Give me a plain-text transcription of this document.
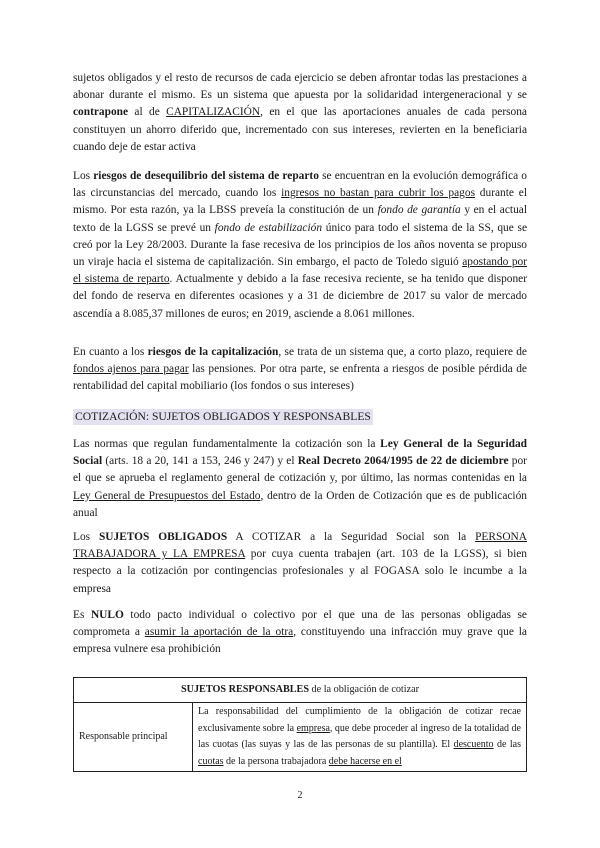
sujetos obligados y el resto de recursos de cada ejercicio se deben afrontar todas las prestaciones a abonar durante el mismo. Es un sistema que apuesta por la solidaridad intergeneracional y se contrapone al de CAPITALIZACIÓN, en el que las aportaciones anuales de cada persona constituyen un ahorro diferido que, incrementado con sus intereses, revierten en la beneficiaria cuando deje de estar activa

Los riesgos de desequilibrio del sistema de reparto se encuentran en la evolución demográfica o las circunstancias del mercado, cuando los ingresos no bastan para cubrir los pagos durante el mismo. Por esta razón, ya la LBSS preveía la constitución de un fondo de garantía y en el actual texto de la LGSS se prevé un fondo de estabilización único para todo el sistema de la SS, que se creó por la Ley 28/2003. Durante la fase recesiva de los principios de los años noventa se propuso un viraje hacia el sistema de capitalización. Sin embargo, el pacto de Toledo siguió apostando por el sistema de reparto. Actualmente y debido a la fase recesiva reciente, se ha tenido que disponer del fondo de reserva en diferentes ocasiones y a 31 de diciembre de 2017 su valor de mercado ascendía a 8.085,37 millones de euros; en 2019, asciende a 8.061 millones.

En cuanto a los riesgos de la capitalización, se trata de un sistema que, a corto plazo, requiere de fondos ajenos para pagar las pensiones. Por otra parte, se enfrenta a riesgos de posible pérdida de rentabilidad del capital mobiliario (los fondos o sus intereses)

COTIZACIÓN: SUJETOS OBLIGADOS Y RESPONSABLES

Las normas que regulan fundamentalmente la cotización son la Ley General de la Seguridad Social (arts. 18 a 20, 141 a 153, 246 y 247) y el Real Decreto 2064/1995 de 22 de diciembre por el que se aprueba el reglamento general de cotización y, por último, las normas contenidas en la Ley General de Presupuestos del Estado, dentro de la Orden de Cotización que es de publicación anual

Los SUJETOS OBLIGADOS A COTIZAR a la Seguridad Social son la PERSONA TRABAJADORA y LA EMPRESA por cuya cuenta trabajen (art. 103 de la LGSS), si bien respecto a la cotización por contingencias profesionales y al FOGASA solo le incumbe a la empresa

Es NULO todo pacto individual o colectivo por el que una de las personas obligadas se comprometa a asumir la aportación de la otra, constituyendo una infracción muy grave que la empresa vulnere esa prohibición

SUJETOS RESPONSABLES de la obligación de cotizar
Responsable principal	La responsabilidad del cumplimiento de la obligación de cotizar recae exclusivamente sobre la empresa, que debe proceder al ingreso de la totalidad de las cuotas (las suyas y las de las personas de su plantilla). El descuento de las cuotas de la persona trabajadora debe hacerse en el
2
